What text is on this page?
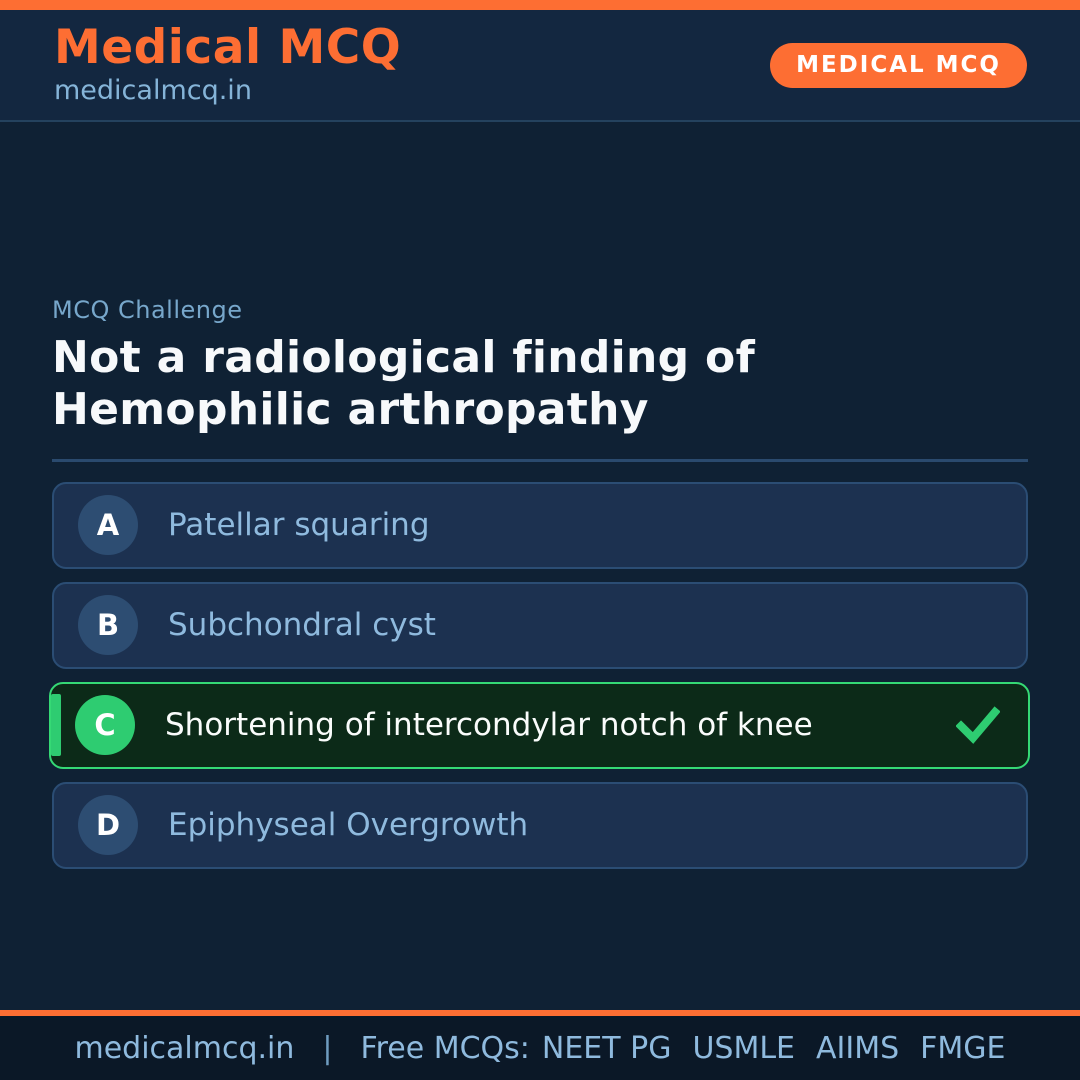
Medical MCQ
medicalmcq.in
MEDICAL MCQ
MCQ Challenge
Not a radiological finding of
Hemophilic arthropathy
A	Patellar squaring
B	Subchondral cyst
C	Shortening of intercondylar notch of knee
D	Epiphyseal Overgrowth
medicalmcq.in | Free MCQs: NEET PG USMLE AIIMS FMGE
